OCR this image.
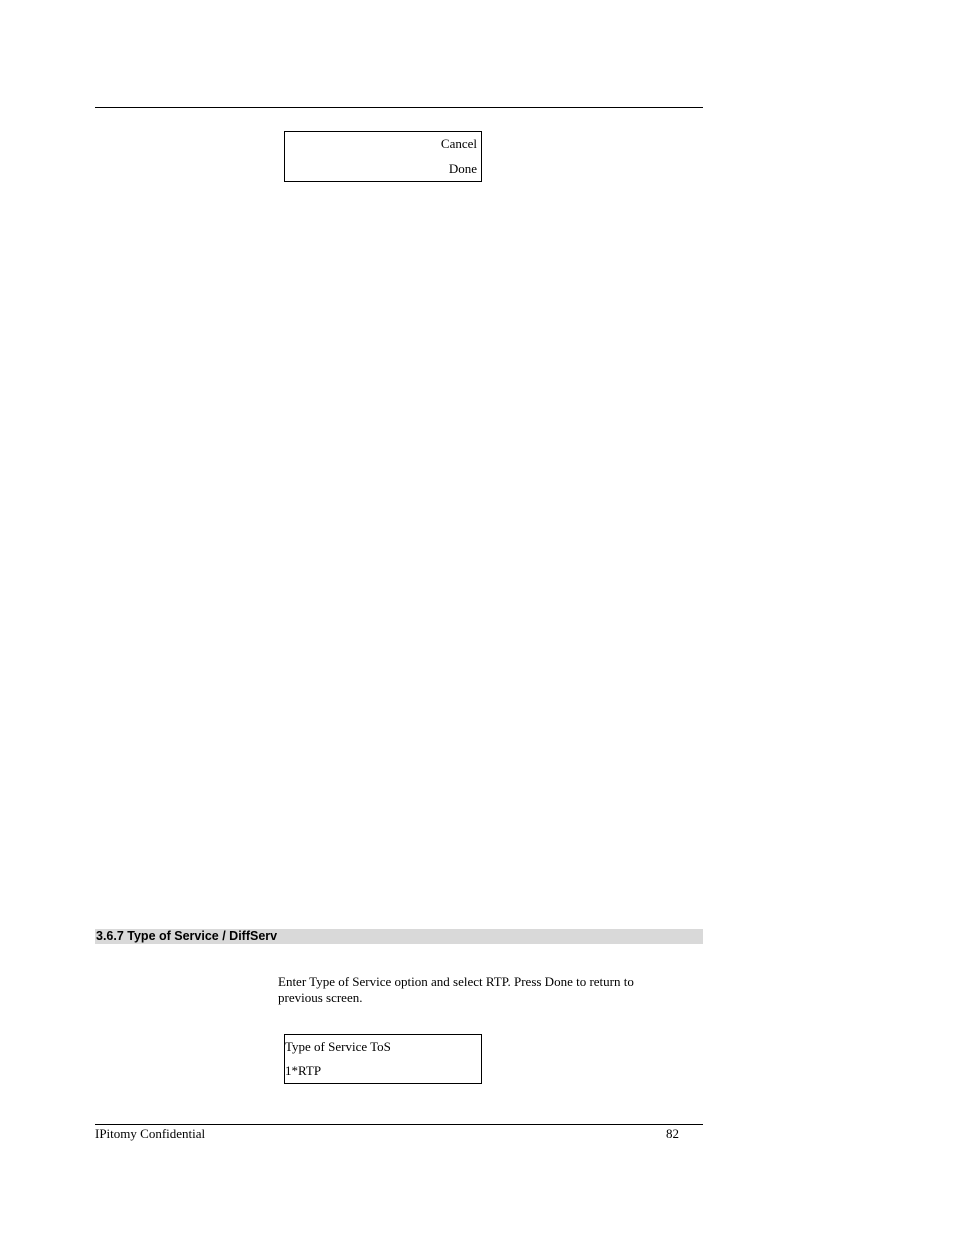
Cancel
Done
3.6.7 Type of Service / DiffServ
Enter Type of Service option and select RTP. Press Done to return to previous screen.
Type of Service ToS
1*RTP
IPitomy Confidential	82
